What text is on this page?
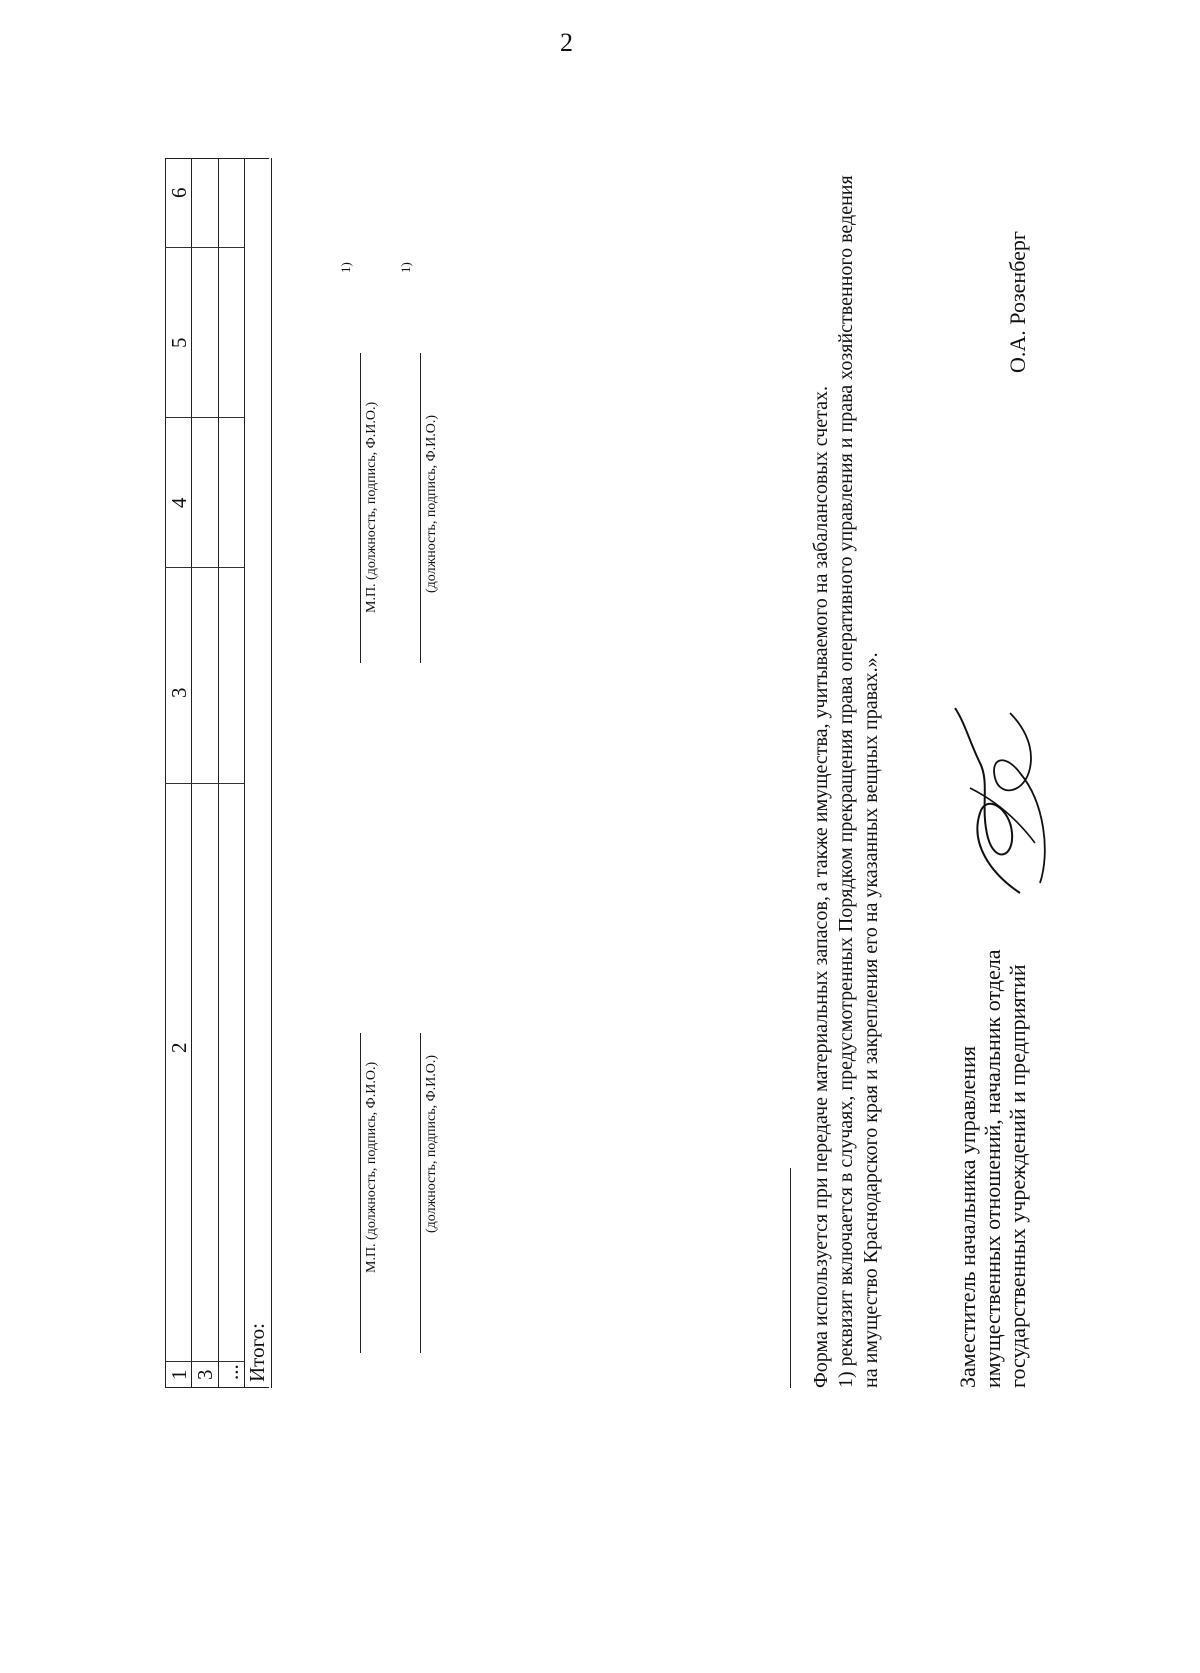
2
1
2
3
4
5
6
3 ... Итого:
М.П. (должность, подпись, Ф.И.О.)	(должность, подпись, Ф.И.О.)
М.П. (должность, подпись, Ф.И.О.)
1)
(должность, подпись, Ф.И.О.)
1)
Форма используется при передаче материальных запасов, а также имущества, учитываемого на забалансовых счетах. 1) реквизит включается в случаях, предусмотренных Порядком прекращения права оперативного управления и права хозяйственного ведения на имущество Краснодарского края и закрепления его на указанных вещных правах.».	Заместитель начальника управления имущественных отношений, начальник отдела государственных учреждений и предприятий
О.А. Розенберг
